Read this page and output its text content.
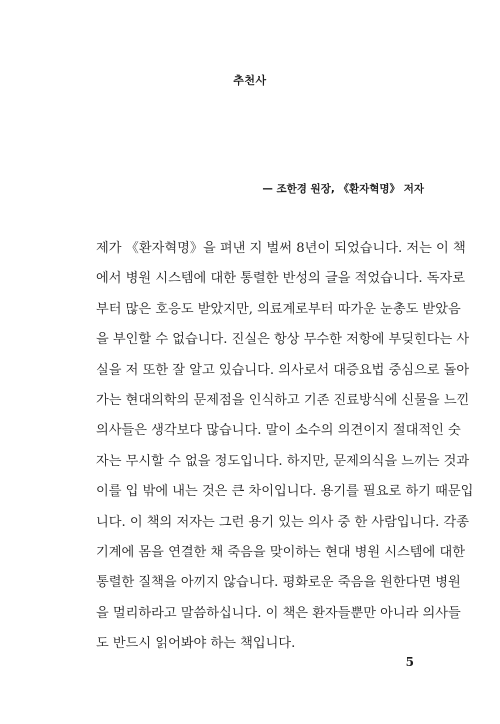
추천사
— 조한경 원장, 《환자혁명》 저자
제가 《환자혁명》을 펴낸 지 벌써 8년이 되었습니다. 저는 이 책
에서 병원 시스템에 대한 통렬한 반성의 글을 적었습니다. 독자로
부터 많은 호응도 받았지만, 의료계로부터 따가운 눈총도 받았음
을 부인할 수 없습니다. 진실은 항상 무수한 저항에 부딪힌다는 사
실을 저 또한 잘 알고 있습니다. 의사로서 대증요법 중심으로 돌아
가는 현대의학의 문제점을 인식하고 기존 진료방식에 신물을 느낀
의사들은 생각보다 많습니다. 말이 소수의 의견이지 절대적인 숫
자는 무시할 수 없을 정도입니다. 하지만, 문제의식을 느끼는 것과
이를 입 밖에 내는 것은 큰 차이입니다. 용기를 필요로 하기 때문입
니다. 이 책의 저자는 그런 용기 있는 의사 중 한 사람입니다. 각종
기계에 몸을 연결한 채 죽음을 맞이하는 현대 병원 시스템에 대한
통렬한 질책을 아끼지 않습니다. 평화로운 죽음을 원한다면 병원
을 멀리하라고 말씀하십니다. 이 책은 환자들뿐만 아니라 의사들
도 반드시 읽어봐야 하는 책입니다.
5
